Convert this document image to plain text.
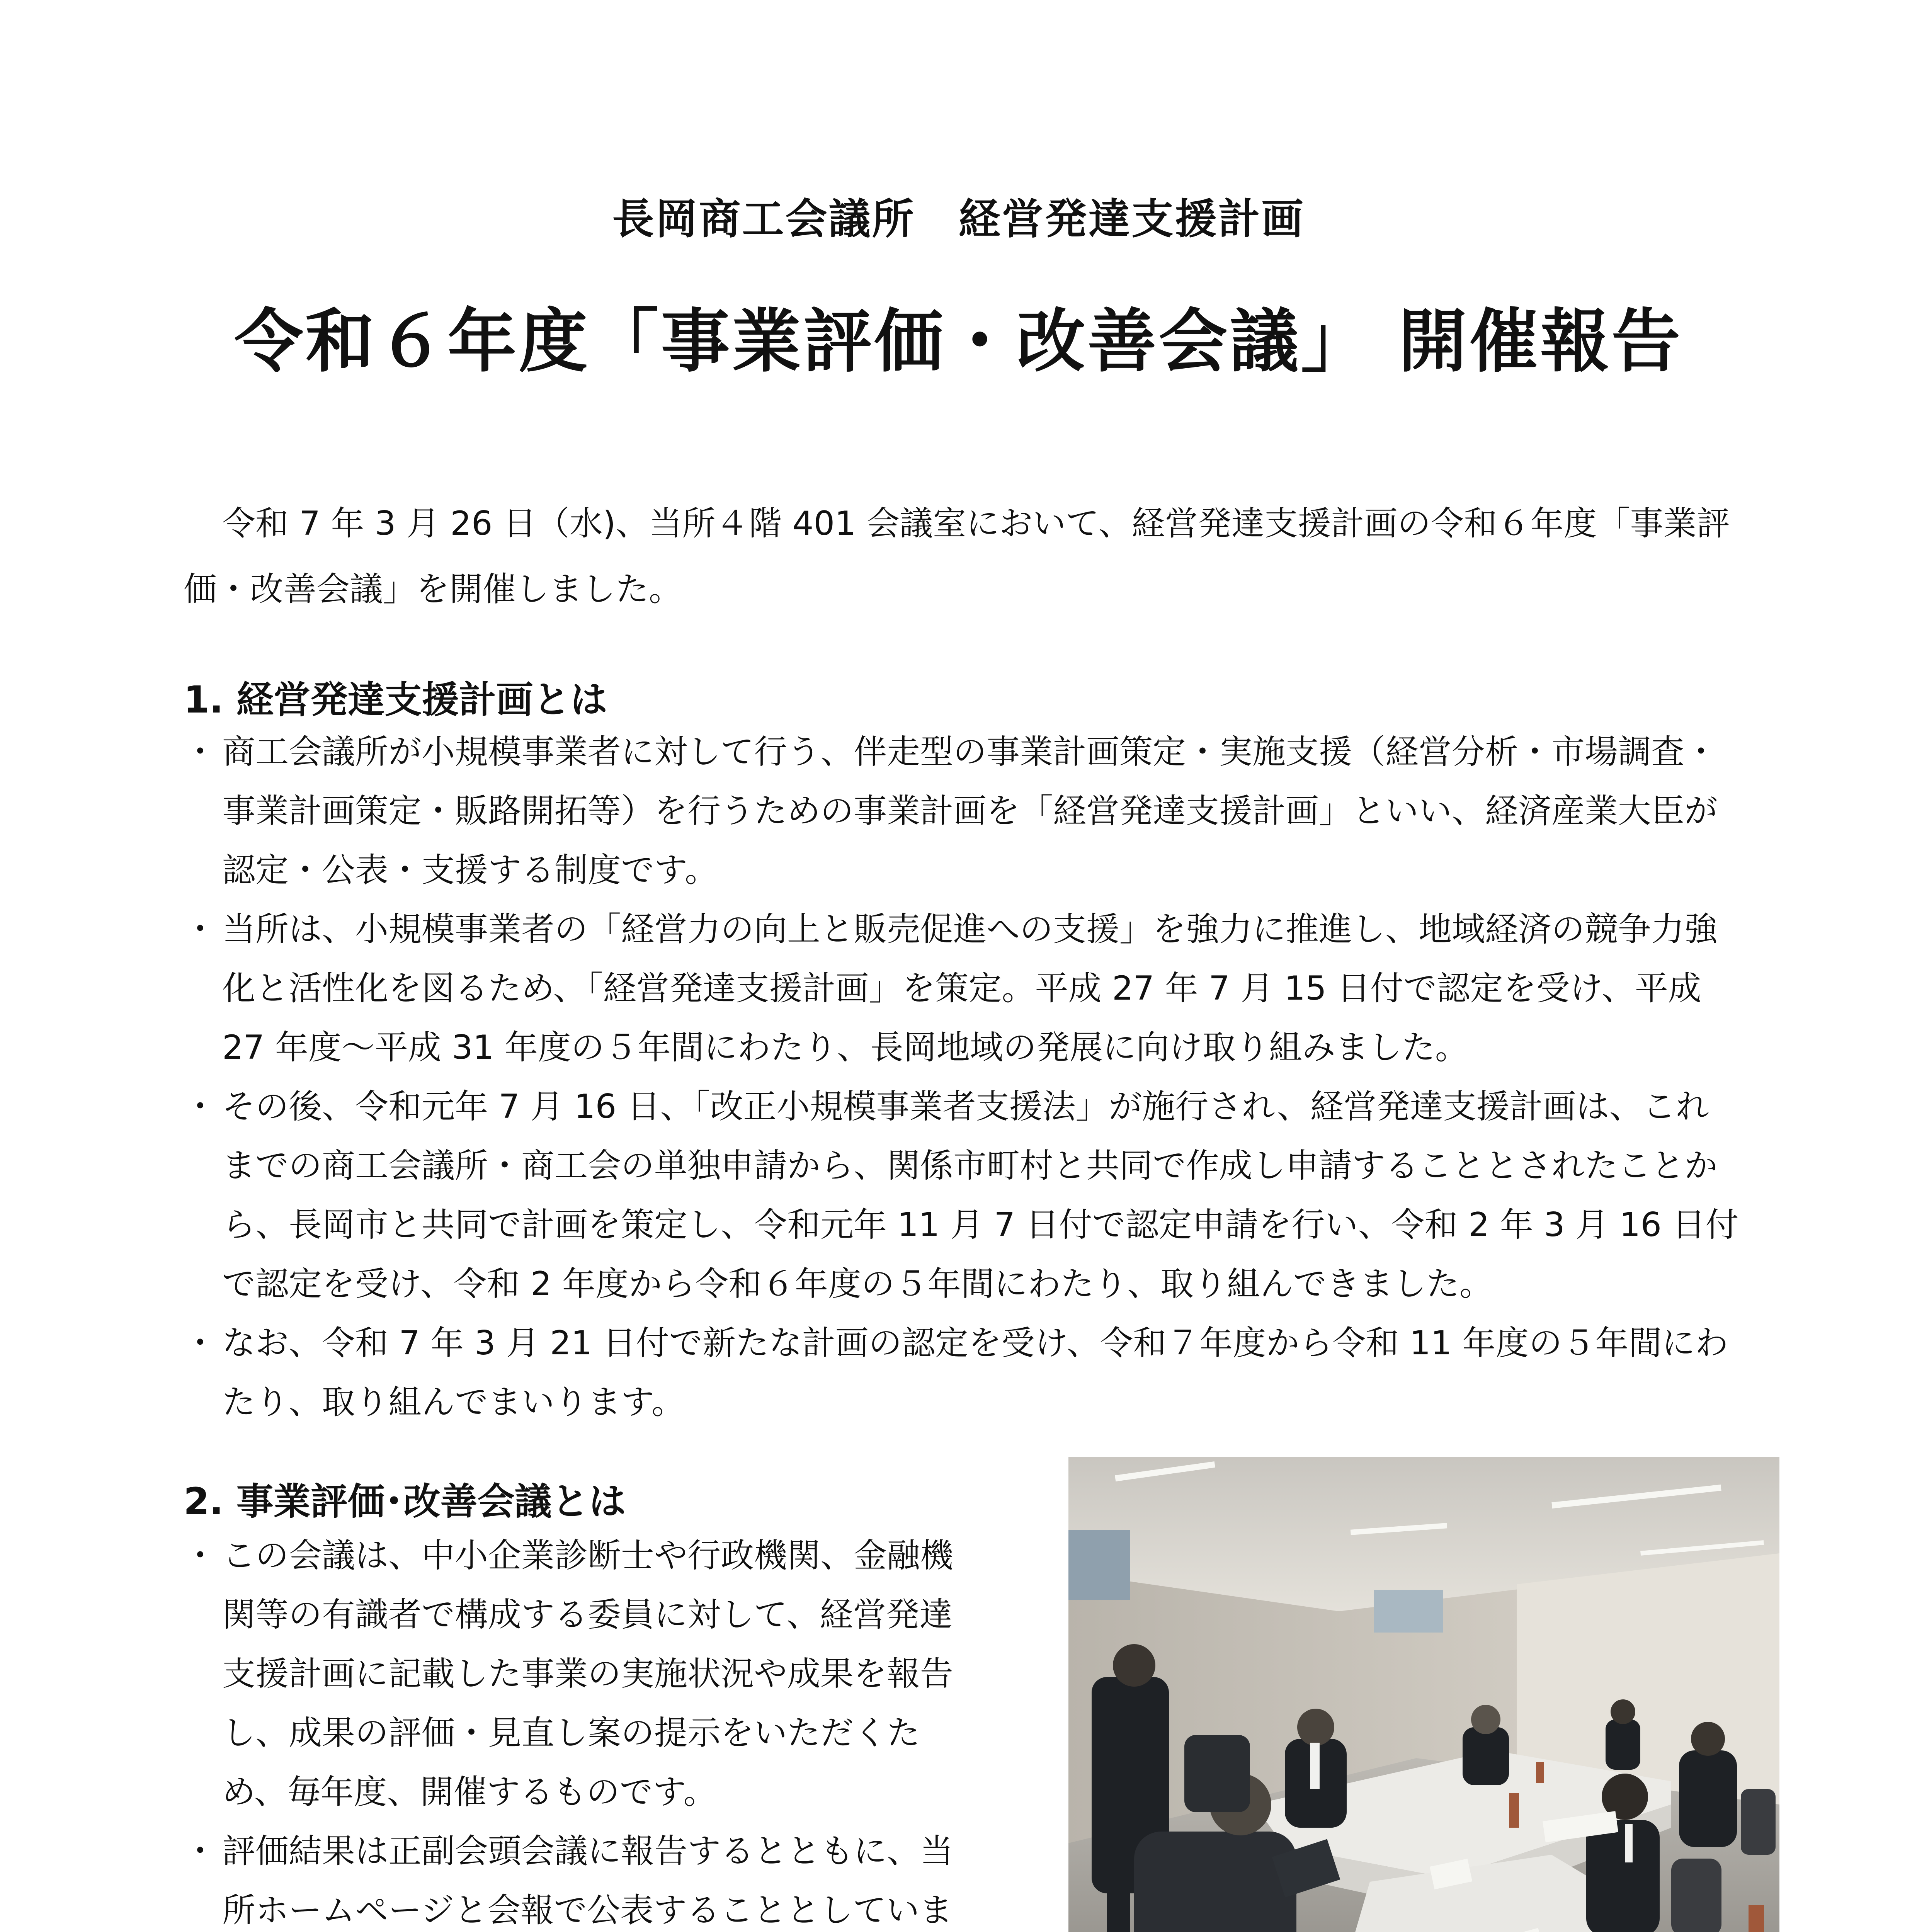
長岡商工会議所　経営発達支援計画
令和６年度「事業評価・改善会議」 開催報告
令和 7 年 3 月 26 日（水)、当所４階 401 会議室において、経営発達支援計画の令和６年度「事業評価・改善会議」を開催しました。
1. 経営発達支援計画とは
・ 商工会議所が小規模事業者に対して行う、伴走型の事業計画策定・実施支援（経営分析・市場調査・事業計画策定・販路開拓等）を行うための事業計画を「経営発達支援計画」といい、経済産業大臣が認定・公表・支援する制度です。
・ 当所は、小規模事業者の「経営力の向上と販売促進への支援」を強力に推進し、地域経済の競争力強化と活性化を図るため、「経営発達支援計画」を策定。平成 27 年 7 月 15 日付で認定を受け、平成 27 年度～平成 31 年度の５年間にわたり、長岡地域の発展に向け取り組みました。
・ その後、令和元年 7 月 16 日、「改正小規模事業者支援法」が施行され、経営発達支援計画は、これまでの商工会議所・商工会の単独申請から、関係市町村と共同で作成し申請することとされたことから、長岡市と共同で計画を策定し、令和元年 11 月 7 日付で認定申請を行い、令和 2 年 3 月 16 日付で認定を受け、令和 2 年度から令和６年度の５年間にわたり、取り組んできました。
・ なお、令和 7 年 3 月 21 日付で新たな計画の認定を受け、令和７年度から令和 11 年度の５年間にわたり、取り組んでまいります。
2. 事業評価･改善会議とは
・ この会議は、中小企業診断士や行政機関、金融機関等の有識者で構成する委員に対して、経営発達支援計画に記載した事業の実施状況や成果を報告し、成果の評価・見直し案の提示をいただくため、毎年度、開催するものです。
・ 評価結果は正副会頭会議に報告するとともに、当所ホームページと会報で公表することとしていま
